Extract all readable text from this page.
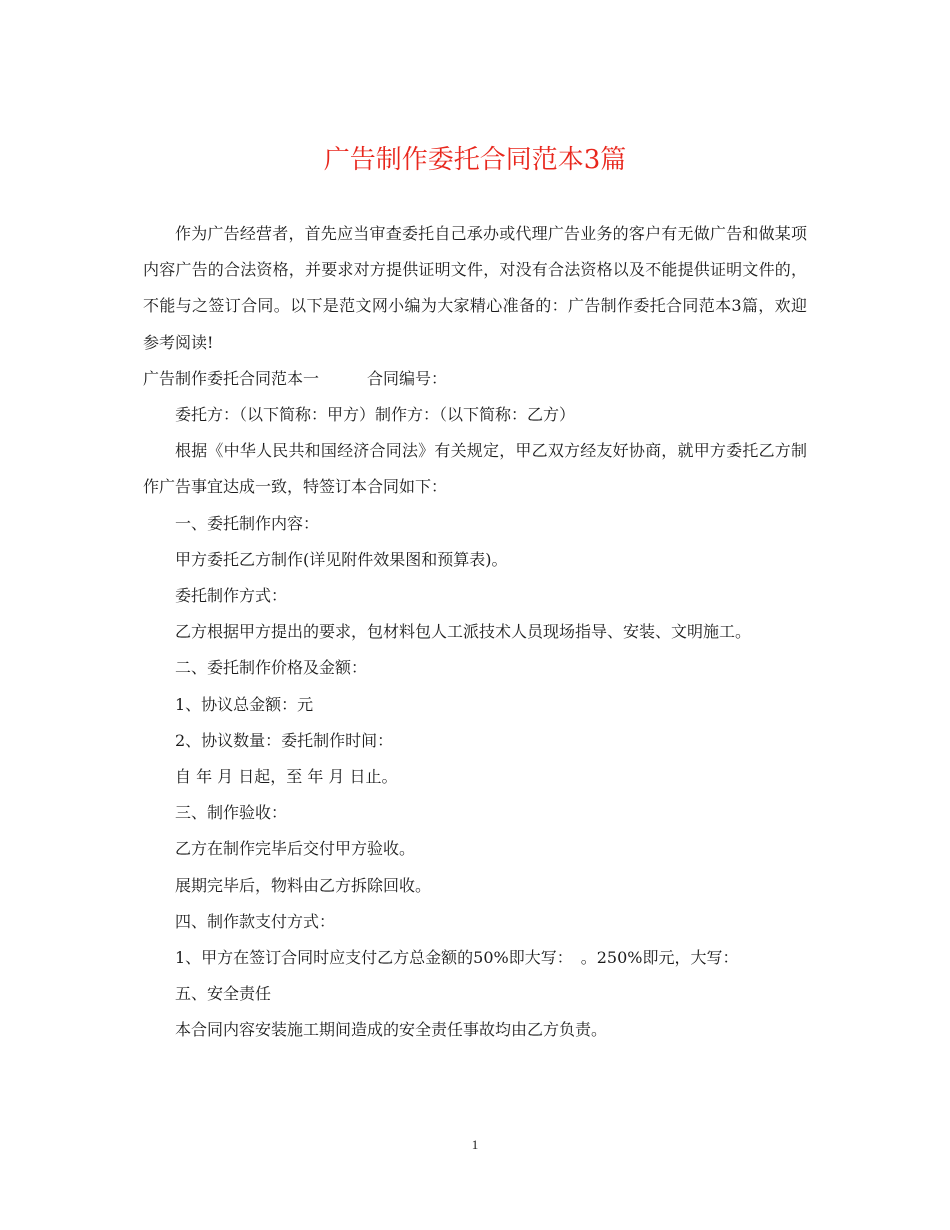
广告制作委托合同范本3篇

作为广告经营者，首先应当审查委托自己承办或代理广告业务的客户有无做广告和做某项内容广告的合法资格，并要求对方提供证明文件，对没有合法资格以及不能提供证明文件的，不能与之签订合同。以下是范文网小编为大家精心准备的：广告制作委托合同范本3篇，欢迎参考阅读!

广告制作委托合同范本一	合同编号：

委托方：（以下简称：甲方）制作方：（以下简称：乙方）

根据《中华人民共和国经济合同法》有关规定，甲乙双方经友好协商，就甲方委托乙方制作广告事宜达成一致，特签订本合同如下：

一、委托制作内容：

甲方委托乙方制作(详见附件效果图和预算表)。

委托制作方式：

乙方根据甲方提出的要求，包材料包人工派技术人员现场指导、安装、文明施工。

二、委托制作价格及金额：

1、协议总金额：元

2、协议数量：委托制作时间：

自 年 月 日起，至 年 月 日止。

三、制作验收：

乙方在制作完毕后交付甲方验收。

展期完毕后，物料由乙方拆除回收。

四、制作款支付方式：

1、甲方在签订合同时应支付乙方总金额的50%即大写：　。250%即元，大写：

五、安全责任

本合同内容安装施工期间造成的安全责任事故均由乙方负责。

1
